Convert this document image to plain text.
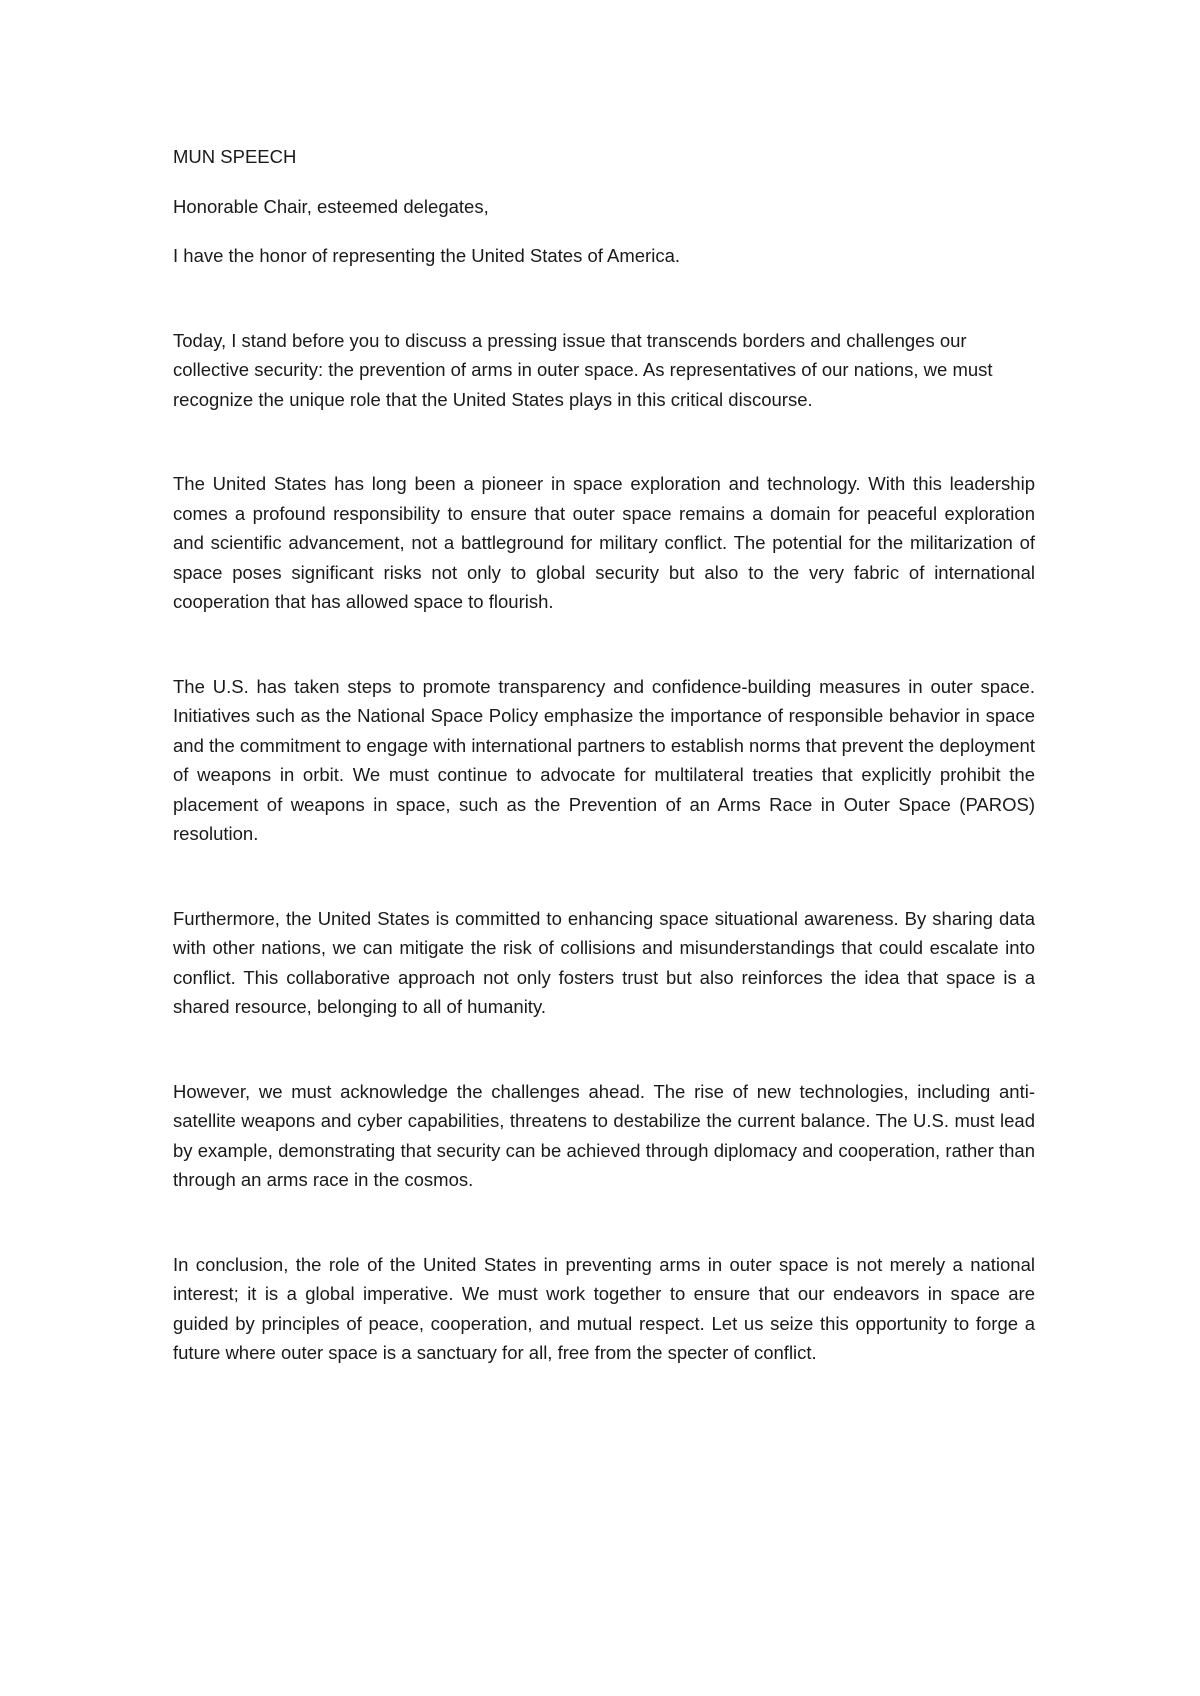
MUN SPEECH

Honorable Chair, esteemed delegates,

I have the honor of representing the United States of America.

Today, I stand before you to discuss a pressing issue that transcends borders and challenges our collective security: the prevention of arms in outer space. As representatives of our nations, we must recognize the unique role that the United States plays in this critical discourse.

The United States has long been a pioneer in space exploration and technology. With this leadership comes a profound responsibility to ensure that outer space remains a domain for peaceful exploration and scientific advancement, not a battleground for military conflict. The potential for the militarization of space poses significant risks not only to global security but also to the very fabric of international cooperation that has allowed space to flourish.

The U.S. has taken steps to promote transparency and confidence-building measures in outer space. Initiatives such as the National Space Policy emphasize the importance of responsible behavior in space and the commitment to engage with international partners to establish norms that prevent the deployment of weapons in orbit. We must continue to advocate for multilateral treaties that explicitly prohibit the placement of weapons in space, such as the Prevention of an Arms Race in Outer Space (PAROS) resolution.

Furthermore, the United States is committed to enhancing space situational awareness. By sharing data with other nations, we can mitigate the risk of collisions and misunderstandings that could escalate into conflict. This collaborative approach not only fosters trust but also reinforces the idea that space is a shared resource, belonging to all of humanity.

However, we must acknowledge the challenges ahead. The rise of new technologies, including anti-satellite weapons and cyber capabilities, threatens to destabilize the current balance. The U.S. must lead by example, demonstrating that security can be achieved through diplomacy and cooperation, rather than through an arms race in the cosmos.

In conclusion, the role of the United States in preventing arms in outer space is not merely a national interest; it is a global imperative. We must work together to ensure that our endeavors in space are guided by principles of peace, cooperation, and mutual respect. Let us seize this opportunity to forge a future where outer space is a sanctuary for all, free from the specter of conflict.
